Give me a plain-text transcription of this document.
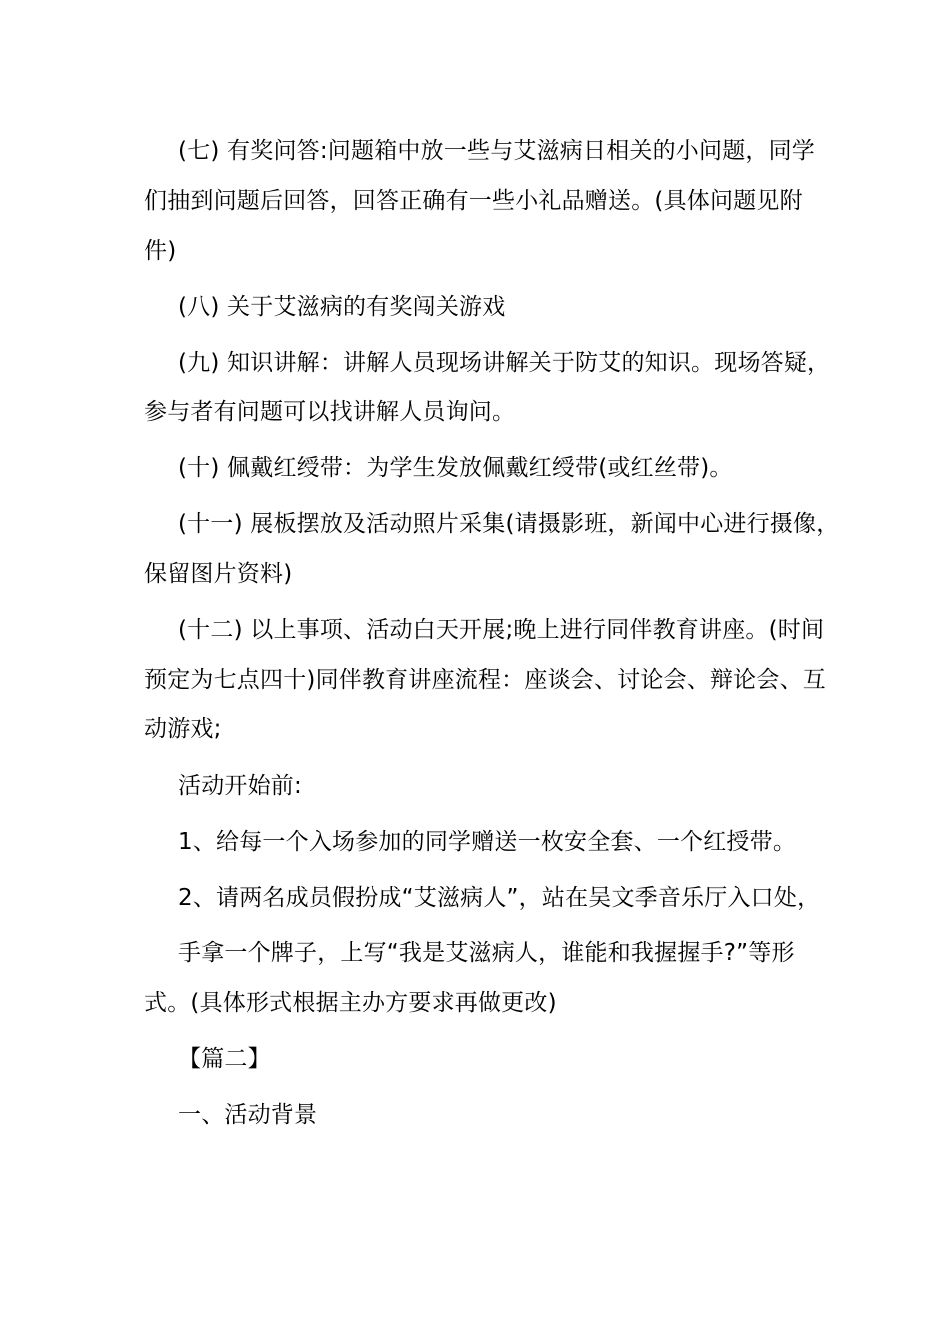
(七) 有奖问答:问题箱中放一些与艾滋病日相关的小问题，同学
们抽到问题后回答，回答正确有一些小礼品赠送。(具体问题见附
件)
(八) 关于艾滋病的有奖闯关游戏
(九) 知识讲解：讲解人员现场讲解关于防艾的知识。现场答疑，
参与者有问题可以找讲解人员询问。
(十) 佩戴红绶带：为学生发放佩戴红绶带(或红丝带)。
(十一) 展板摆放及活动照片采集(请摄影班，新闻中心进行摄像，
保留图片资料)
(十二) 以上事项、活动白天开展;晚上进行同伴教育讲座。(时间
预定为七点四十)同伴教育讲座流程：座谈会、讨论会、辩论会、互
动游戏;
活动开始前:
1、给每一个入场参加的同学赠送一枚安全套、一个红授带。
2、请两名成员假扮成“艾滋病人”，站在吴文季音乐厅入口处，
手拿一个牌子，上写“我是艾滋病人，谁能和我握握手?”等形
式。(具体形式根据主办方要求再做更改)
【篇二】
一、活动背景
